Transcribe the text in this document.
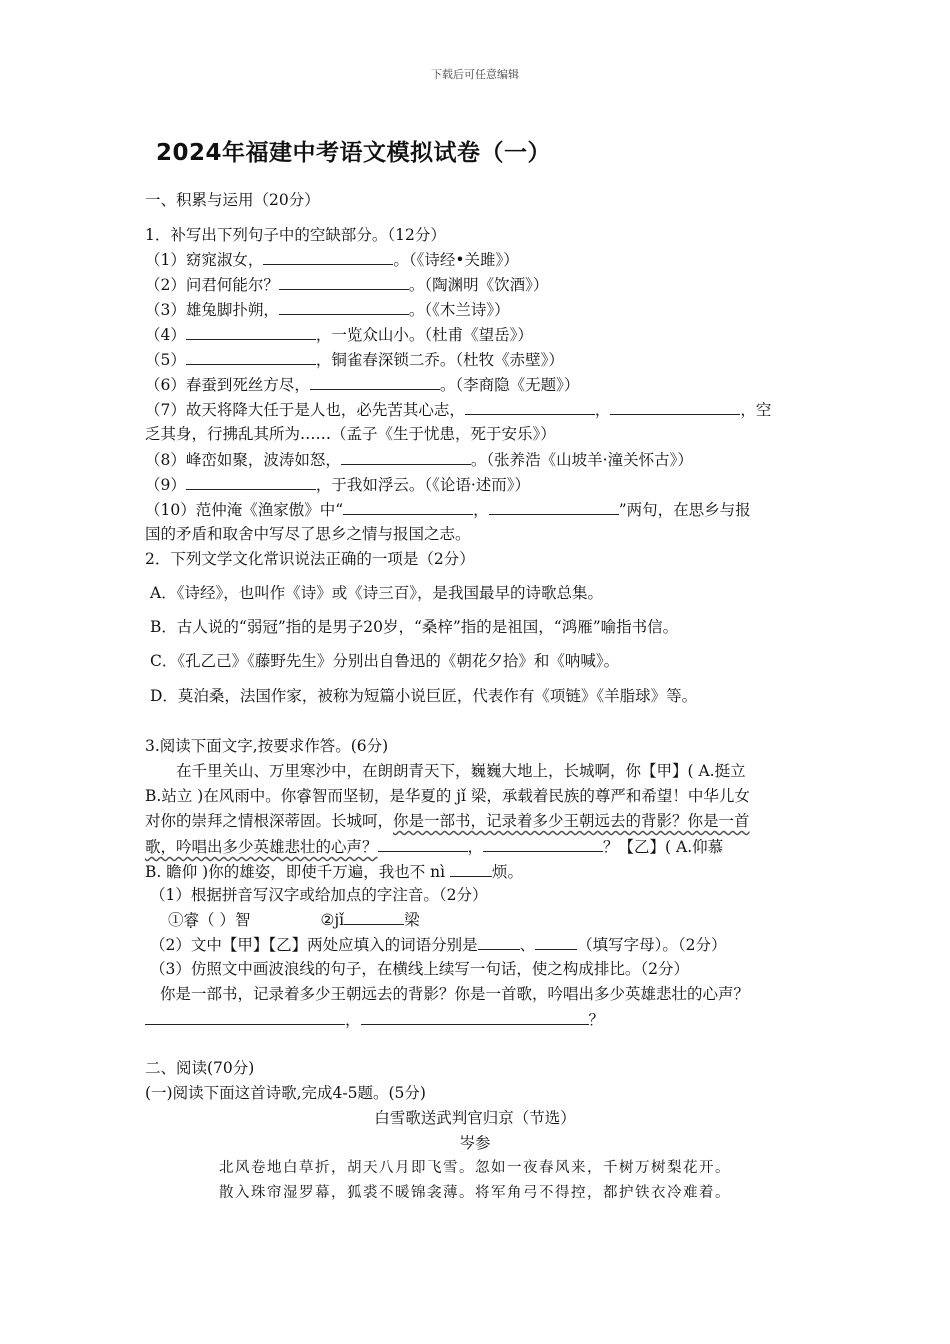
下载后可任意编辑
2024年福建中考语文模拟试卷（一）
一、积累与运用（20分）
1．补写出下列句子中的空缺部分。（12分）
（1）窈窕淑女，	。（《诗经•关雎》）
（2）问君何能尔？	。（陶渊明《饮酒》）
（3）雄兔脚扑朔，	。（《木兰诗》）
（4）	，一览众山小。（杜甫《望岳》）
（5）	，铜雀春深锁二乔。（杜牧《赤壁》）
（6）春蚕到死丝方尽，	。（李商隐《无题》）
（7）故天将降大任于是人也，必先苦其心志，	，	，空
乏其身，行拂乱其所为……（孟子《生于忧患，死于安乐》）
（8）峰峦如聚，波涛如怒，	。（张养浩《山坡羊·潼关怀古》）
（9）	，于我如浮云。（《论语·述而》）
（10）范仲淹《渔家傲》中“	，	”两句，在思乡与报
国的矛盾和取舍中写尽了思乡之情与报国之志。
2．下列文学文化常识说法正确的一项是（2分）
A．《诗经》，也叫作《诗》或《诗三百》，是我国最早的诗歌总集。
B．古人说的“弱冠”指的是男子20岁，“桑梓”指的是祖国，“鸿雁”喻指书信。
C．《孔乙己》《藤野先生》分别出自鲁迅的《朝花夕拾》和《呐喊》。
D．莫泊桑，法国作家，被称为短篇小说巨匠，代表作有《项链》《羊脂球》等。
3.阅读下面文字,按要求作答。(6分)
在千里关山、万里寒沙中，在朗朗青天下，巍巍大地上，长城啊，你【甲】( A.挺立
B.站立 )在风雨中。你睿智而坚韧，是华夏的 jǐ 梁，承载着民族的尊严和希望！中华儿女
对你的崇拜之情根深蒂固。长城呵，你是一部书，记录着多少王朝远去的背影？你是一首
歌，吟唱出多少英雄悲壮的心声？	，	？【乙】( A.仰慕
B. 瞻仰 )你的雄姿，即使千万遍，我也不 nì	烦。
（1）根据拼音写汉字或给加点的字注音。（2分）
①睿（ ）智	②jǐ	梁
（2）文中【甲】【乙】两处应填入的词语分别是	、	（填写字母）。（2分）
（3）仿照文中画波浪线的句子，在横线上续写一句话，使之构成排比。（2分）
你是一部书，记录着多少王朝远去的背影？你是一首歌，吟唱出多少英雄悲壮的心声？
，	？
二、阅读(70分)
(一)阅读下面这首诗歌,完成4-5题。(5分)
白雪歌送武判官归京（节选）
岑参
北风卷地白草折，胡天八月即飞雪。忽如一夜春风来，千树万树梨花开。
散入珠帘湿罗幕，狐裘不暖锦衾薄。将军角弓不得控，都护铁衣冷难着。
